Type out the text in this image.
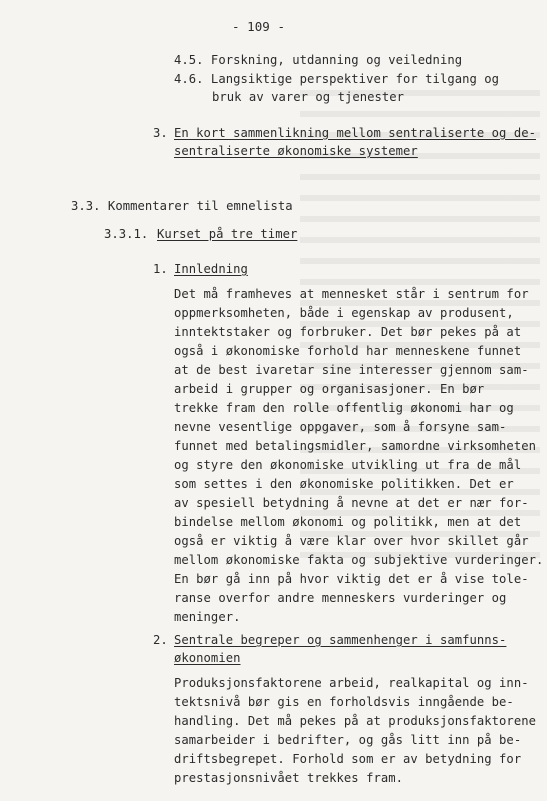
- 109 -
4.5. Forskning, utdanning og veiledning
4.6. Langsiktige perspektiver for tilgang og
bruk av varer og tjenester
3. En kort sammenlikning mellom sentraliserte og de-
sentraliserte økonomiske systemer
3.3. Kommentarer til emnelista
3.3.1. Kurset på tre timer
1. Innledning
Det må framheves at mennesket står i sentrum for
oppmerksomheten, både i egenskap av produsent,
inntektstaker og forbruker. Det bør pekes på at
også i økonomiske forhold har menneskene funnet
at de best ivaretar sine interesser gjennom sam-
arbeid i grupper og organisasjoner. En bør
trekke fram den rolle offentlig økonomi har og
nevne vesentlige oppgaver, som å forsyne sam-
funnet med betalingsmidler, samordne virksomheten
og styre den økonomiske utvikling ut fra de mål
som settes i den økonomiske politikken. Det er
av spesiell betydning å nevne at det er nær for-
bindelse mellom økonomi og politikk, men at det
også er viktig å være klar over hvor skillet går
mellom økonomiske fakta og subjektive vurderinger.
En bør gå inn på hvor viktig det er å vise tole-
ranse overfor andre menneskers vurderinger og
meninger.
2. Sentrale begreper og sammenhenger i samfunns-
økonomien
Produksjonsfaktorene arbeid, realkapital og inn-
tektsnivå bør gis en forholdsvis inngående be-
handling. Det må pekes på at produksjonsfaktorene
samarbeider i bedrifter, og gås litt inn på be-
driftsbegrepet. Forhold som er av betydning for
prestasjonsnivået trekkes fram.
